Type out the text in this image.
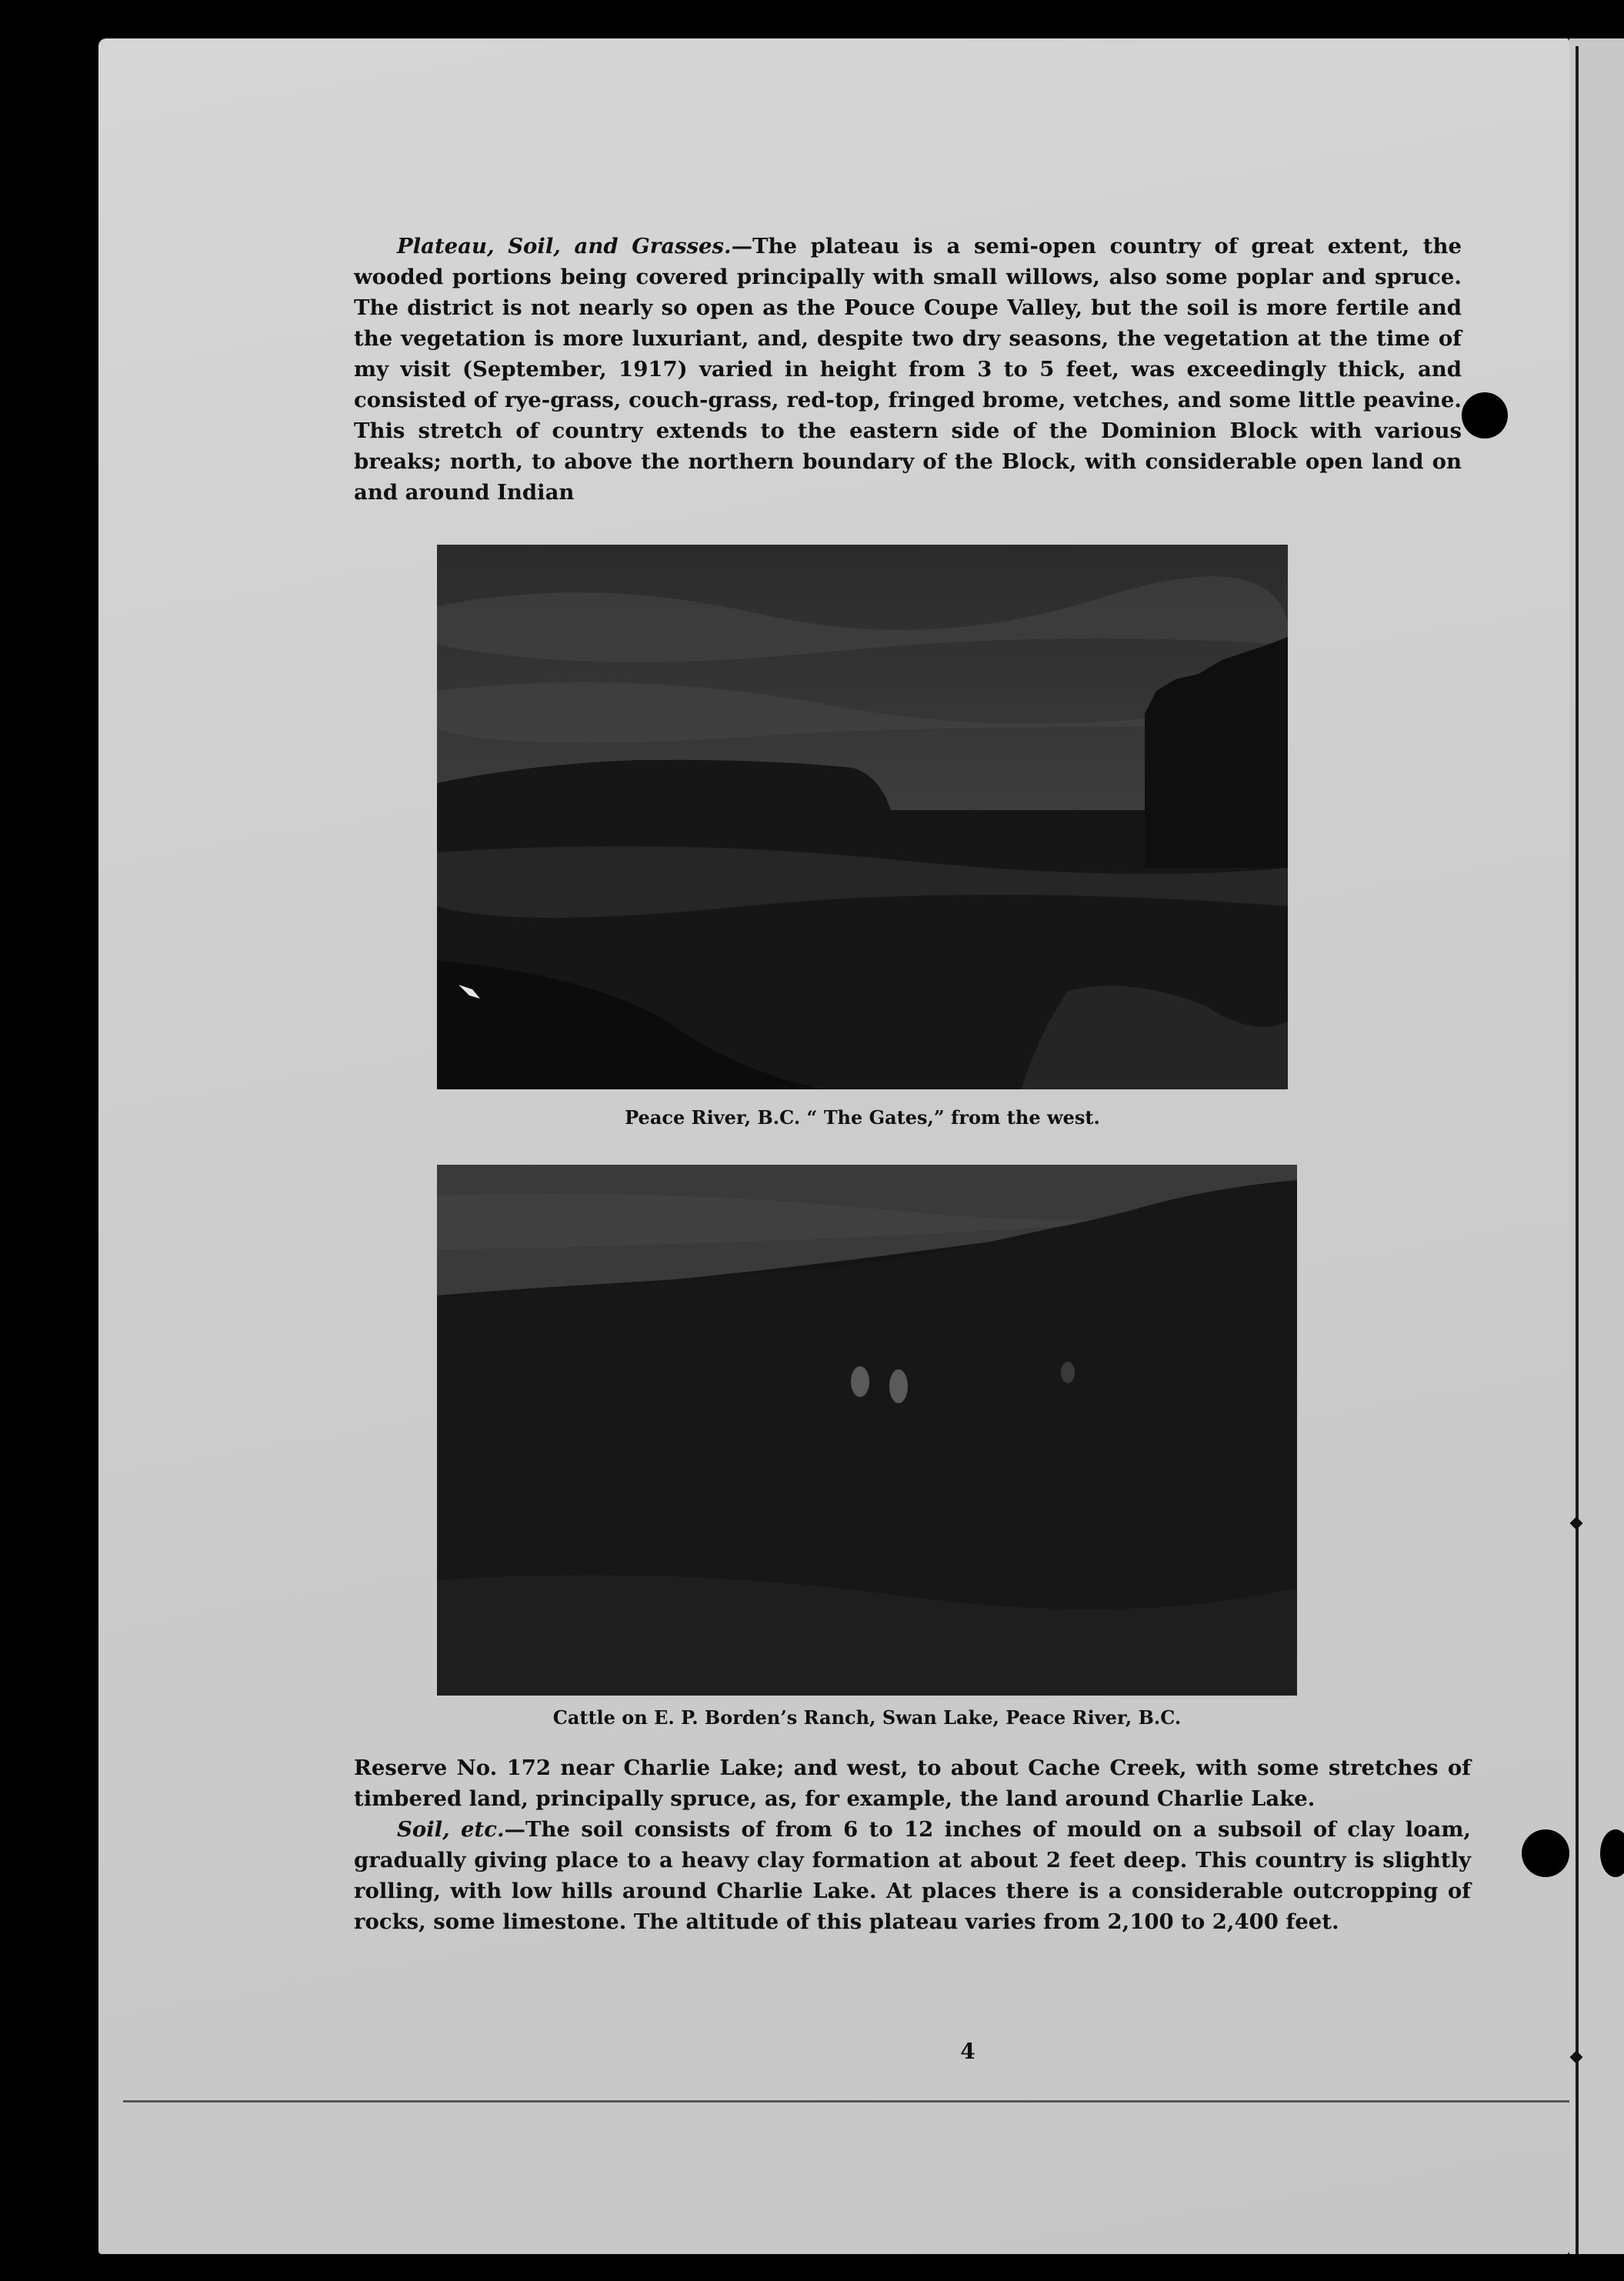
Plateau, Soil, and Grasses.—The plateau is a semi-open country of great extent, the wooded portions being covered principally with small willows, also some poplar and spruce. The district is not nearly so open as the Pouce Coupe Valley, but the soil is more fertile and the vegetation is more luxuriant, and, despite two dry seasons, the vegetation at the time of my visit (September, 1917) varied in height from 3 to 5 feet, was exceedingly thick, and consisted of rye-grass, couch-grass, red-top, fringed brome, vetches, and some little peavine. This stretch of country extends to the eastern side of the Dominion Block with various breaks; north, to above the northern boundary of the Block, with considerable open land on and around Indian

Peace River, B.C. “ The Gates,” from the west.
Cattle on E. P. Borden’s Ranch, Swan Lake, Peace River, B.C.

Reserve No. 172 near Charlie Lake; and west, to about Cache Creek, with some stretches of timbered land, principally spruce, as, for example, the land around Charlie Lake.

Soil, etc.—The soil consists of from 6 to 12 inches of mould on a subsoil of clay loam, gradually giving place to a heavy clay formation at about 2 feet deep. This country is slightly rolling, with low hills around Charlie Lake. At places there is a considerable outcropping of rocks, some limestone. The altitude of this plateau varies from 2,100 to 2,400 feet.

4
